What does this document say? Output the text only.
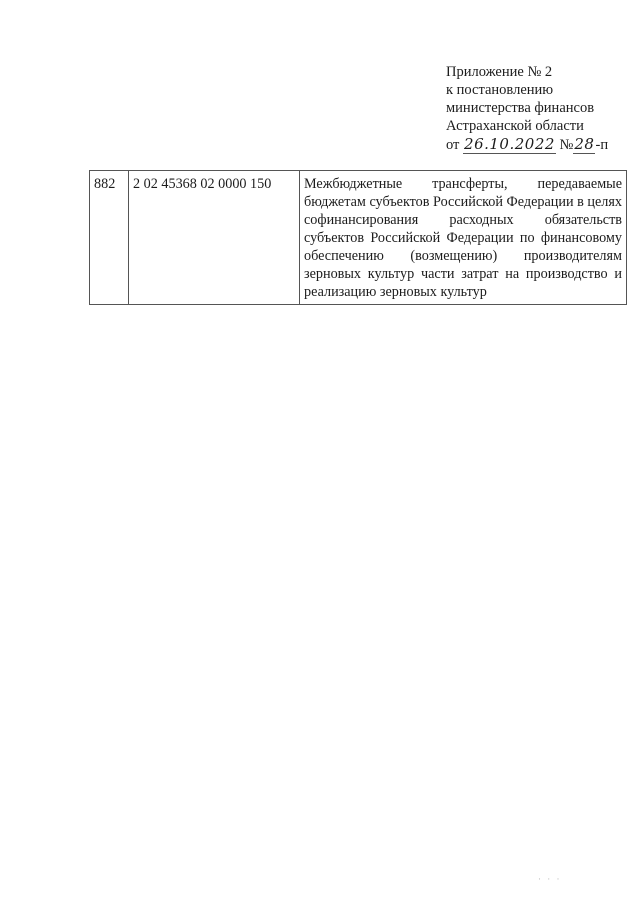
Приложение № 2
к постановлению
министерства финансов
Астраханской области
от 26.10.2022 №28-п
882	2 02 45368 02 0000 150	Межбюджетные трансферты, передаваемые бюджетам субъектов Российской Федерации в целях софинансирования расходных обязательств субъектов Российской Федерации по финансовому обеспечению (возмещению) производителям зерновых культур части затрат на производство и реализацию зерновых культур
· · ·
